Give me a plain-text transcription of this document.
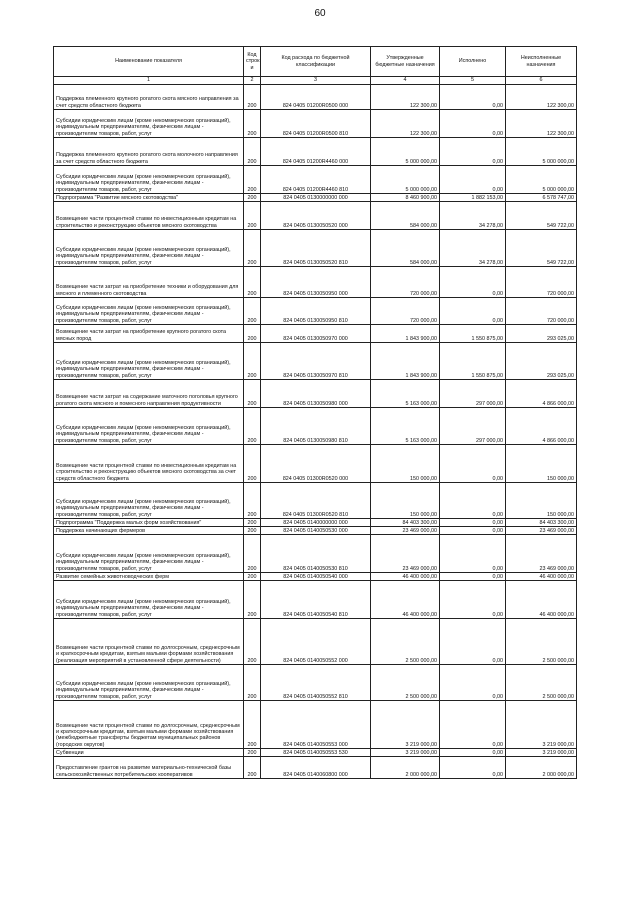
60
Наименование показателя	Код строк и	Код расхода по бюджетной классификации	Утвержденные бюджетные назначения	Исполнено	Неисполненные назначения
1	2	3	4	5	6
Поддержка племенного крупного рогатого скота мясного направления за счет средств областного бюджета	200	824 0405 01200R0500 000	122 300,00	0,00	122 300,00
Субсидии юридическим лицам (кроме некоммерческих организаций), индивидуальным предпринимателям, физическим лицам - производителям товаров, работ, услуг	200	824 0405 01200R0500 810	122 300,00	0,00	122 300,00
Поддержка племенного крупного рогатого скота молочного направления за счет средств областного бюджета	200	824 0405 01200R4460 000	5 000 000,00	0,00	5 000 000,00
Субсидии юридическим лицам (кроме некоммерческих организаций), индивидуальным предпринимателям, физическим лицам - производителям товаров, работ, услуг	200	824 0405 01200R4460 810	5 000 000,00	0,00	5 000 000,00
Подпрограмма "Развитие мясного скотоводства"	200	824 0405 0130000000 000	8 460 900,00	1 882 153,00	6 578 747,00
Возмещение части процентной ставки по инвестиционным кредитам на строительство и реконструкцию объектов мясного скотоводства	200	824 0405 0130050520 000	584 000,00	34 278,00	549 722,00
Субсидии юридическим лицам (кроме некоммерческих организаций), индивидуальным предпринимателям, физическим лицам - производителям товаров, работ, услуг	200	824 0405 0130050520 810	584 000,00	34 278,00	549 722,00
Возмещение части затрат на приобретение техники и оборудования для мясного и племенного скотоводства	200	824 0405 0130050950 000	720 000,00	0,00	720 000,00
Субсидии юридическим лицам (кроме некоммерческих организаций), индивидуальным предпринимателям, физическим лицам - производителям товаров, работ, услуг	200	824 0405 0130050950 810	720 000,00	0,00	720 000,00
Возмещение части затрат на приобретение крупного рогатого скота мясных пород	200	824 0405 0130050970 000	1 843 900,00	1 550 875,00	293 025,00
Субсидии юридическим лицам (кроме некоммерческих организаций), индивидуальным предпринимателям, физическим лицам - производителям товаров, работ, услуг	200	824 0405 0130050970 810	1 843 900,00	1 550 875,00	293 025,00
Возмещение части затрат на содержание маточного поголовья крупного рогатого скота мясного и помесного направления продуктивности	200	824 0405 0130050980 000	5 163 000,00	297 000,00	4 866 000,00
Субсидии юридическим лицам (кроме некоммерческих организаций), индивидуальным предпринимателям, физическим лицам - производителям товаров, работ, услуг	200	824 0405 0130050980 810	5 163 000,00	297 000,00	4 866 000,00
Возмещение части процентной ставки по инвестиционным кредитам на строительство и реконструкцию объектов мясного скотоводства за счет средств областного бюджета	200	824 0405 01300R0520 000	150 000,00	0,00	150 000,00
Субсидии юридическим лицам (кроме некоммерческих организаций), индивидуальным предпринимателям, физическим лицам - производителям товаров, работ, услуг	200	824 0405 01300R0520 810	150 000,00	0,00	150 000,00
Подпрограмма "Поддержка малых форм хозяйствования"	200	824 0405 0140000000 000	84 403 300,00	0,00	84 403 300,00
Поддержка начинающих фермеров	200	824 0405 0140050530 000	23 469 000,00	0,00	23 469 000,00
Субсидии юридическим лицам (кроме некоммерческих организаций), индивидуальным предпринимателям, физическим лицам - производителям товаров, работ, услуг	200	824 0405 0140050530 810	23 469 000,00	0,00	23 469 000,00
Развитие семейных животноводческих ферм	200	824 0405 0140050540 000	46 400 000,00	0,00	46 400 000,00
Субсидии юридическим лицам (кроме некоммерческих организаций), индивидуальным предпринимателям, физическим лицам - производителям товаров, работ, услуг	200	824 0405 0140050540 810	46 400 000,00	0,00	46 400 000,00
Возмещение части процентной ставки по долгосрочным, среднесрочным и краткосрочным кредитам, взятым малыми формами хозяйствования (реализация мероприятий в установленной сфере деятельности)	200	824 0405 0140050552 000	2 500 000,00	0,00	2 500 000,00
Субсидии юридическим лицам (кроме некоммерческих организаций), индивидуальным предпринимателям, физическим лицам - производителям товаров, работ, услуг	200	824 0405 0140050552 810	2 500 000,00	0,00	2 500 000,00
Возмещение части процентной ставки по долгосрочным, среднесрочным и краткосрочным кредитам, взятым малыми формами хозяйствования (межбюджетные трансферты бюджетам муниципальных районов (городских округов)	200	824 0405 0140050553 000	3 219 000,00	0,00	3 219 000,00
Субвенции	200	824 0405 0140050553 530	3 219 000,00	0,00	3 219 000,00
Предоставление грантов на развитие материально-технической базы сельскохозяйственных потребительских кооперативов	200	824 0405 0140060800 000	2 000 000,00	0,00	2 000 000,00
